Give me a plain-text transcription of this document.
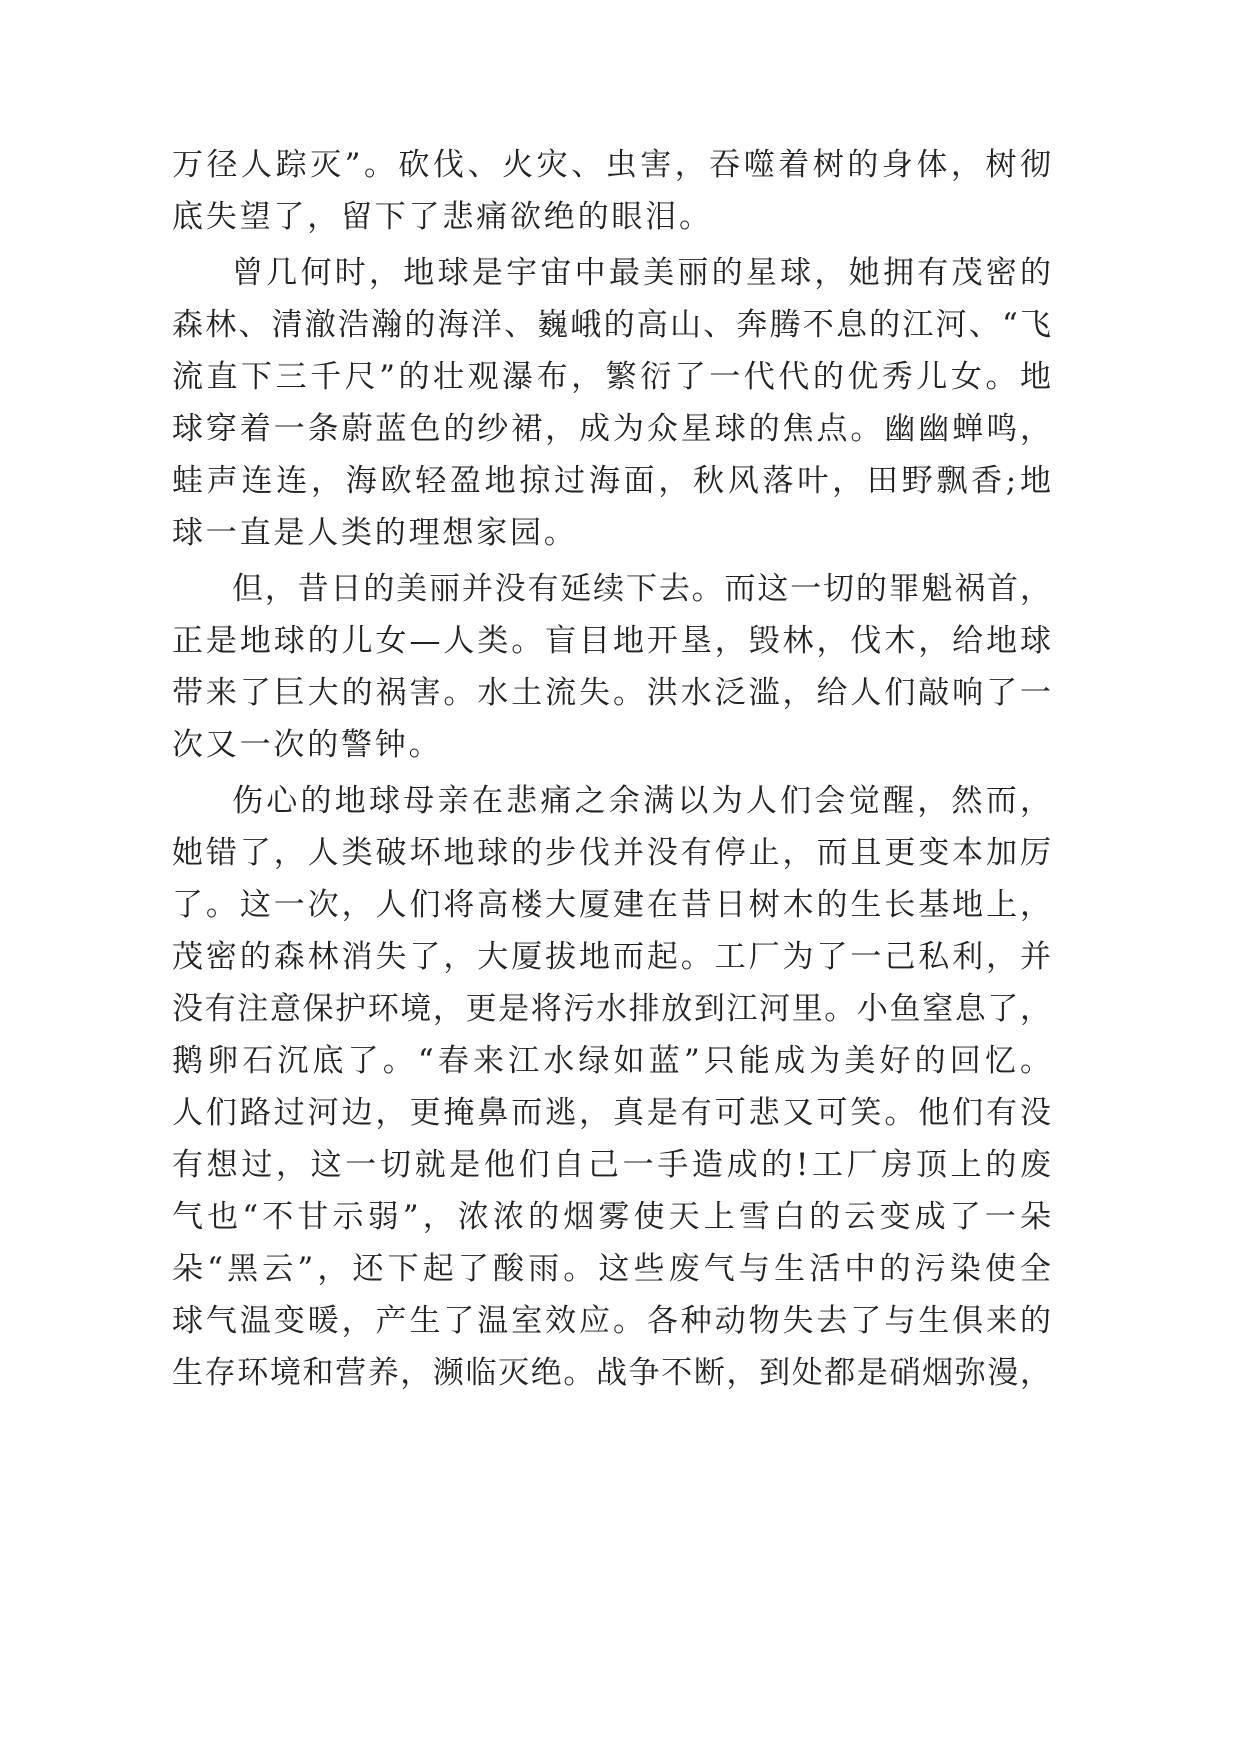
万径人踪灭”。砍伐、火灾、虫害，吞噬着树的身体，树彻
底失望了，留下了悲痛欲绝的眼泪。
曾几何时，地球是宇宙中最美丽的星球，她拥有茂密的
森林、清澈浩瀚的海洋、巍峨的高山、奔腾不息的江河、“飞
流直下三千尺”的壮观瀑布，繁衍了一代代的优秀儿女。地
球穿着一条蔚蓝色的纱裙，成为众星球的焦点。幽幽蝉鸣，
蛙声连连，海欧轻盈地掠过海面，秋风落叶，田野飘香;地
球一直是人类的理想家园。
但，昔日的美丽并没有延续下去。而这一切的罪魁祸首，
正是地球的儿女—人类。盲目地开垦，毁林，伐木，给地球
带来了巨大的祸害。水土流失。洪水泛滥，给人们敲响了一
次又一次的警钟。
伤心的地球母亲在悲痛之余满以为人们会觉醒，然而，
她错了，人类破坏地球的步伐并没有停止，而且更变本加厉
了。这一次，人们将高楼大厦建在昔日树木的生长基地上，
茂密的森林消失了，大厦拔地而起。工厂为了一己私利，并
没有注意保护环境，更是将污水排放到江河里。小鱼窒息了，
鹅卵石沉底了。“春来江水绿如蓝”只能成为美好的回忆。
人们路过河边，更掩鼻而逃，真是有可悲又可笑。他们有没
有想过，这一切就是他们自己一手造成的!工厂房顶上的废
气也“不甘示弱”，浓浓的烟雾使天上雪白的云变成了一朵
朵“黑云”，还下起了酸雨。这些废气与生活中的污染使全
球气温变暖，产生了温室效应。各种动物失去了与生俱来的
生存环境和营养，濒临灭绝。战争不断，到处都是硝烟弥漫，
